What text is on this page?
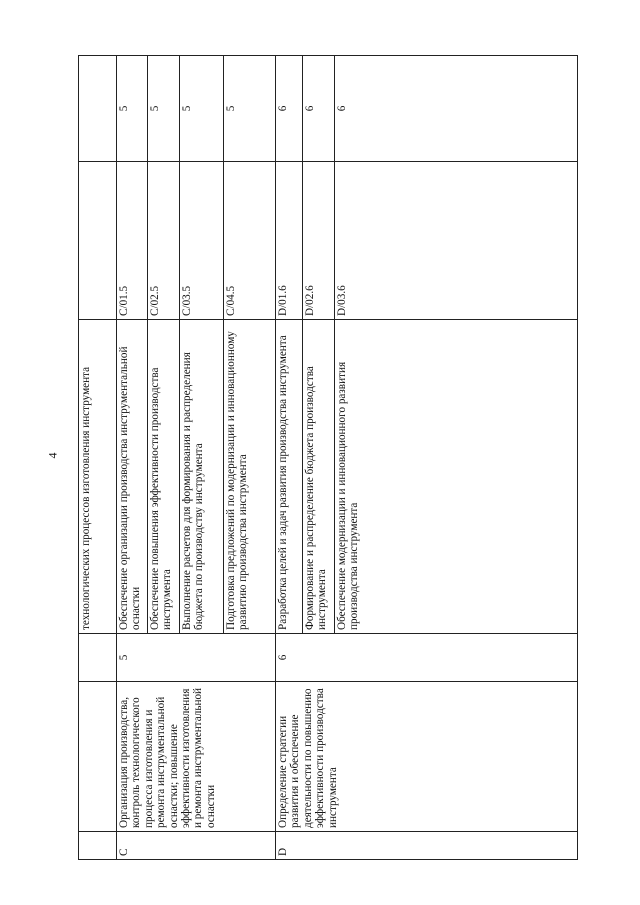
4
			технологических процессов изготовления инструмента		
C	Организация производства, контроль технологического процесса изготовления и ремонта инструментальной оснастки; повышение эффективности изготовления и ремонта инструментальной оснастки	5	Обеспечение организации производства инструментальной оснастки	C/01.5	5
			Обеспечение повышения эффективности производства инструмента	C/02.5	5
			Выполнение расчетов для формирования и распределения бюджета по производству инструмента	C/03.5	5
			Подготовка предложений по модернизации и инновационному развитию производства инструмента	C/04.5	5
D	Определение стратегии развития и обеспечение деятельности по повышению эффективности производства инструмента	6	Разработка целей и задач развития производства инструмента	D/01.6	6
			Формирование и распределение бюджета производства инструмента	D/02.6	6
			Обеспечение модернизации и инновационного развития производства инструмента	D/03.6	6
